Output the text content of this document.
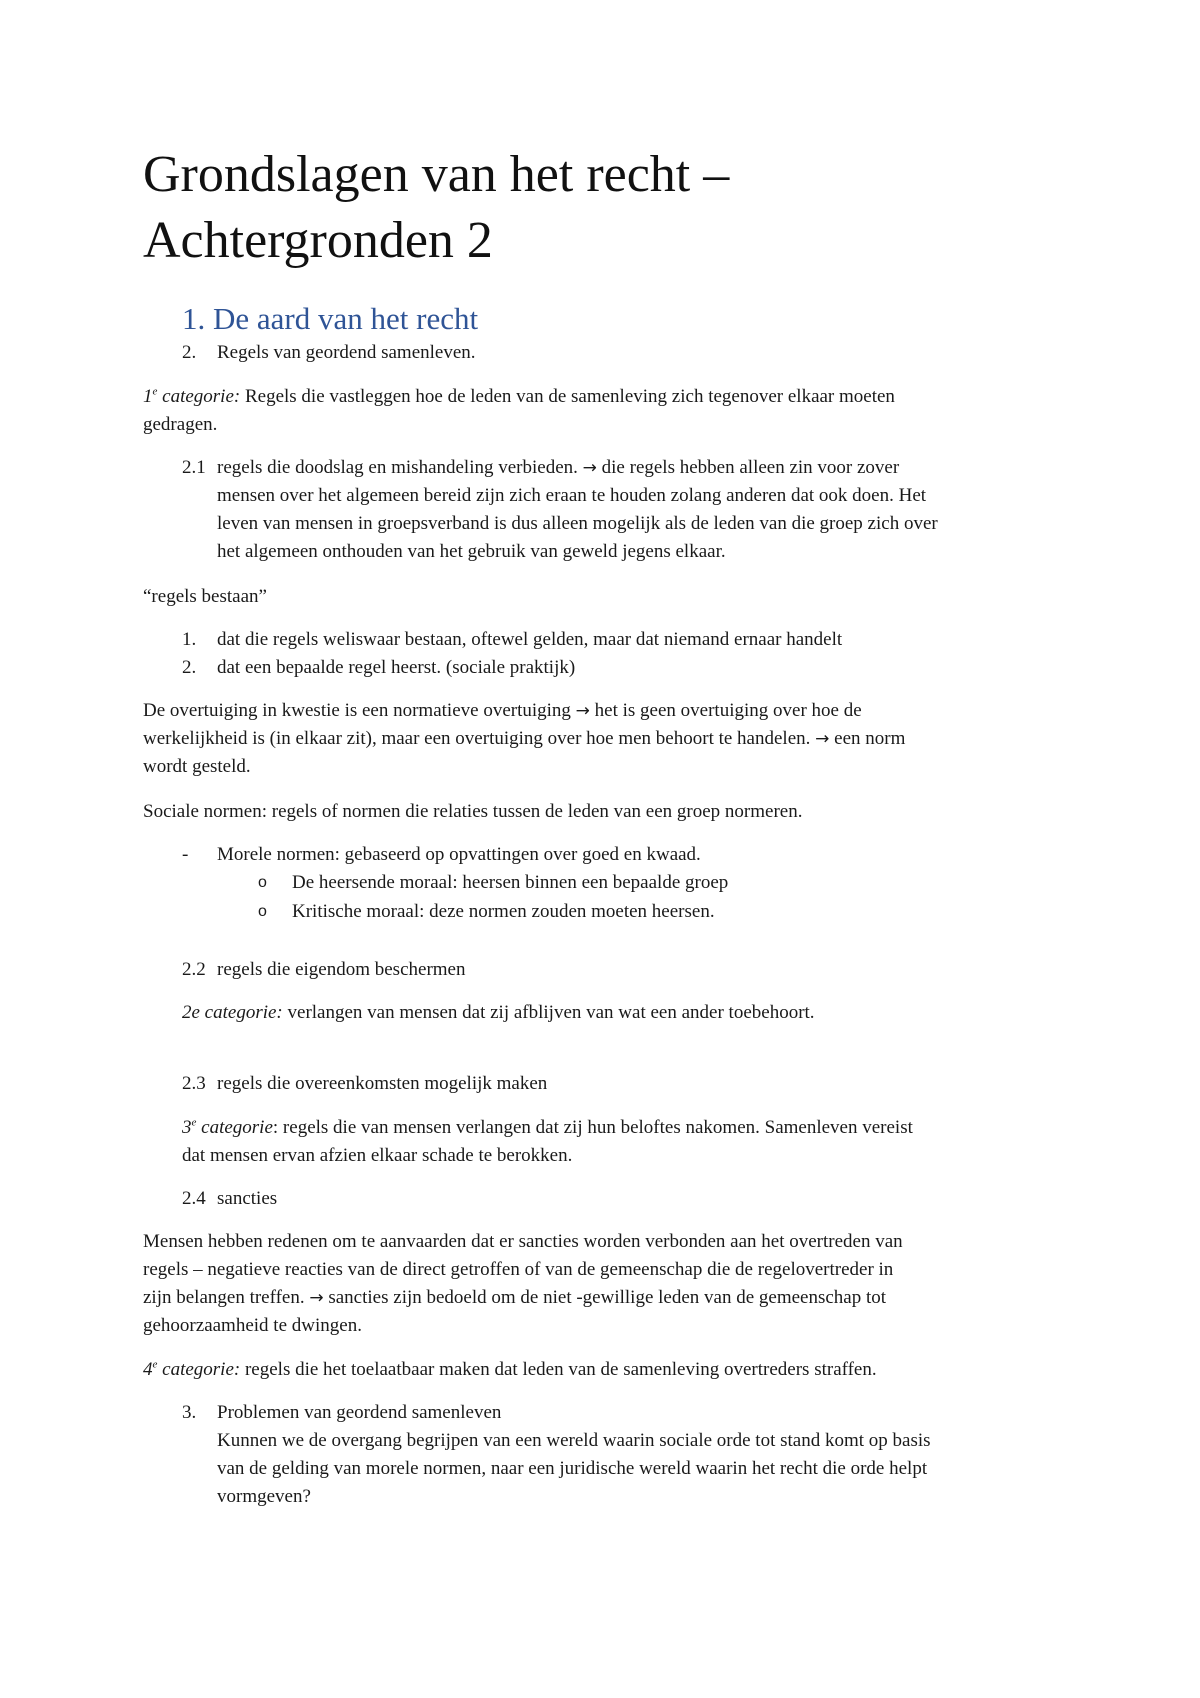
Grondslagen van het recht –
Achtergronden 2
1. De aard van het recht
2. Regels van geordend samenleven.
1e categorie: Regels die vastleggen hoe de leden van de samenleving zich tegenover elkaar moeten
gedragen.
2.1 regels die doodslag en mishandeling verbieden. → die regels hebben alleen zin voor zover
mensen over het algemeen bereid zijn zich eraan te houden zolang anderen dat ook doen. Het
leven van mensen in groepsverband is dus alleen mogelijk als de leden van die groep zich over
het algemeen onthouden van het gebruik van geweld jegens elkaar.
“regels bestaan”
1. dat die regels weliswaar bestaan, oftewel gelden, maar dat niemand ernaar handelt
2. dat een bepaalde regel heerst. (sociale praktijk)
De overtuiging in kwestie is een normatieve overtuiging → het is geen overtuiging over hoe de
werkelijkheid is (in elkaar zit), maar een overtuiging over hoe men behoort te handelen. → een norm
wordt gesteld.
Sociale normen: regels of normen die relaties tussen de leden van een groep normeren.
- Morele normen: gebaseerd op opvattingen over goed en kwaad.
o De heersende moraal: heersen binnen een bepaalde groep
o Kritische moraal: deze normen zouden moeten heersen.
2.2 regels die eigendom beschermen
2e categorie: verlangen van mensen dat zij afblijven van wat een ander toebehoort.
2.3 regels die overeenkomsten mogelijk maken
3e categorie: regels die van mensen verlangen dat zij hun beloftes nakomen. Samenleven vereist
dat mensen ervan afzien elkaar schade te berokken.
2.4 sancties
Mensen hebben redenen om te aanvaarden dat er sancties worden verbonden aan het overtreden van
regels – negatieve reacties van de direct getroffen of van de gemeenschap die de regelovertreder in
zijn belangen treffen. → sancties zijn bedoeld om de niet -gewillige leden van de gemeenschap tot
gehoorzaamheid te dwingen.
4e categorie: regels die het toelaatbaar maken dat leden van de samenleving overtreders straffen.
3. Problemen van geordend samenleven
Kunnen we de overgang begrijpen van een wereld waarin sociale orde tot stand komt op basis
van de gelding van morele normen, naar een juridische wereld waarin het recht die orde helpt
vormgeven?
